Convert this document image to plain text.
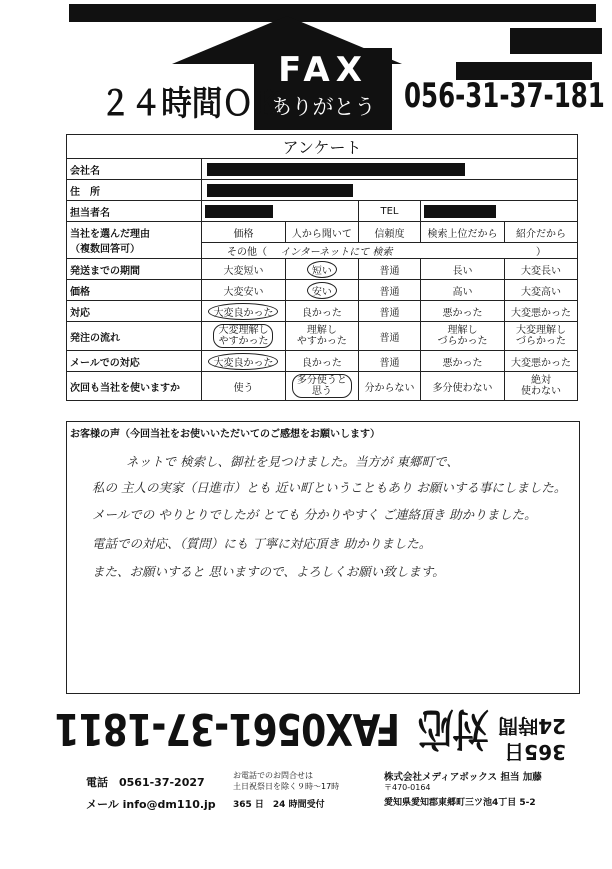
FAX
ありがとう
２４時間ＯＫ	056-31-37-181
アンケート					
会社名					

住　所					

担当者名			TEL		

当社を選んだ理由
（複数回答可）	価格	人から聞いて	信頼度	検索上位だから	紹介だから
	その他（ インターネットにて 検索 ）				

発送までの期間	大変短い	短い	普通	長い	大変長い
価格	大変安い	安い	普通	高い	大変高い
対応	大変良かった	良かった	普通	悪かった	大変悪かった
発注の流れ	大変理解し
やすかった	理解し
やすかった	普通	理解し
づらかった	大変理解し
づらかった
メールでの対応	大変良かった	良かった	普通	悪かった	大変悪かった
次回も当社を使いますか	使う	多分使うと
思う	分からない	多分使わない	絶対
使わない
お客様の声（今回当社をお使いいただいてのご感想をお願いします）
ネットで 検索し、御社を見つけました。当方が 東郷町で、
私の 主人の実家（日進市）とも 近い町ということもあり お願いする事にしました。
メールでの やりとりでしたが とても 分かりやすく ご連絡頂き 助かりました。
電話での対応、（質問）にも 丁寧に対応頂き 助かりました。
また、お願いすると 思いますので、よろしくお願い致します。
365日
24時間 対応 FAX0561-37-1811
電話　0561-37-2027
メール info@dm110.jp
お電話でのお問合せは
土日祝祭日を除く９時～17時
365 日　24 時間受付
株式会社メディアボックス 担当 加藤
〒470-0164
愛知県愛知郡東郷町三ツ池4丁目 5-2
